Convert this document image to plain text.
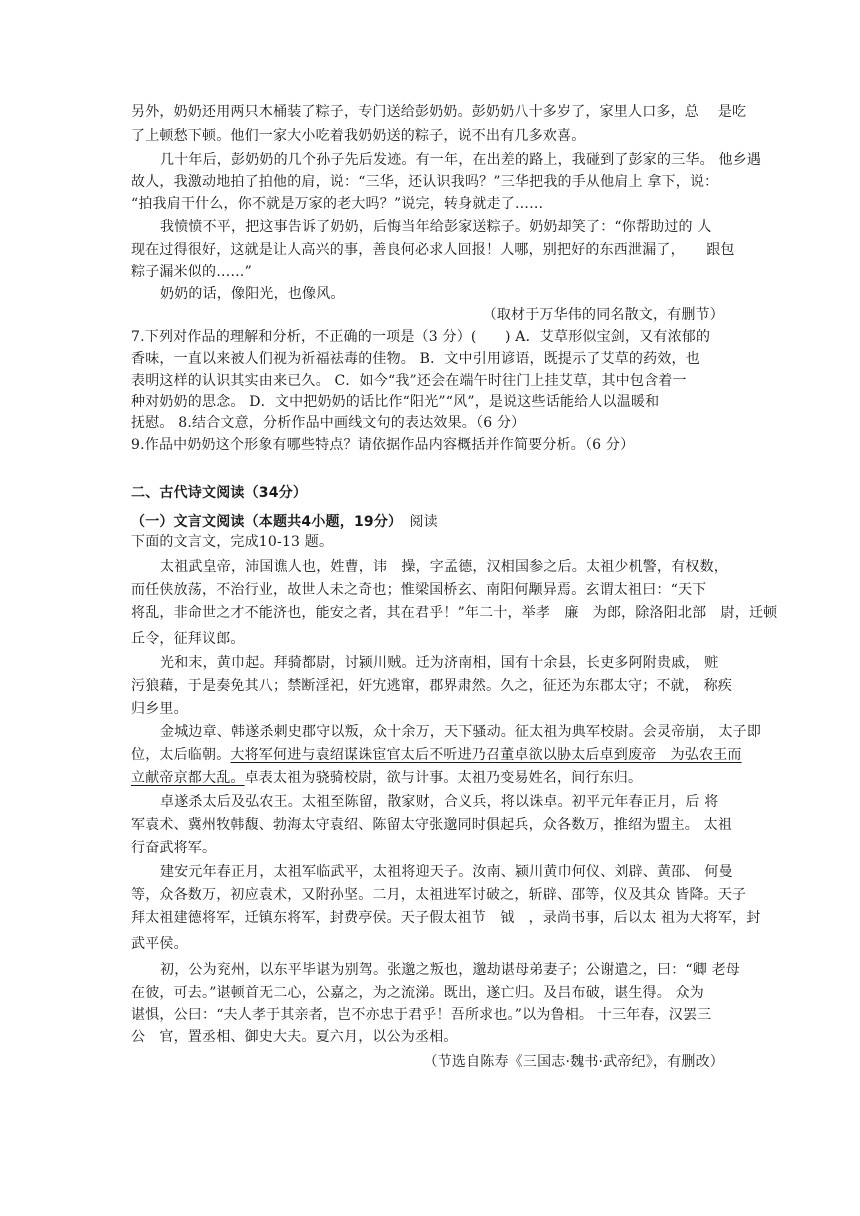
另外，奶奶还用两只木桶装了粽子，专门送给彭奶奶。彭奶奶八十多岁了，家里人口多，总　 是吃
了上顿愁下顿。他们一家大小吃着我奶奶送的粽子，说不出有几多欢喜。
几十年后，彭奶奶的几个孙子先后发迹。有一年，在出差的路上，我碰到了彭家的三华。 他乡遇
故人，我激动地拍了拍他的肩，说：“三华，还认识我吗？”三华把我的手从他肩上 拿下，说：
“拍我肩干什么，你不就是万家的老大吗？”说完，转身就走了……
我愤愤不平，把这事告诉了奶奶，后悔当年给彭家送粽子。奶奶却笑了：“你帮助过的 人
现在过得很好，这就是让人高兴的事，善良何必求人回报！人哪，别把好的东西泄漏了，　　跟包
粽子漏米似的……”
奶奶的话，像阳光，也像风。
（取材于万华伟的同名散文，有删节）
7.下列对作品的理解和分析，不正确的一项是（3 分）(　　) A．艾草形似宝剑，又有浓郁的
香味，一直以来被人们视为祈福祛毒的佳物。 B．文中引用谚语，既提示了艾草的药效，也
表明这样的认识其实由来已久。 C．如今“我”还会在端午时往门上挂艾草，其中包含着一
种对奶奶的思念。 D．文中把奶奶的话比作“阳光”“风”，是说这些话能给人以温暖和
抚慰。 8.结合文意，分析作品中画线文句的表达效果。（6 分）
9.作品中奶奶这个形象有哪些特点？请依据作品内容概括并作简要分析。（6 分）
二、古代诗文阅读（34分）
（一）文言文阅读（本题共4小题，19分）　 阅读
下面的文言文，完成10-13 题。
太祖武皇帝，沛国谯人也，姓曹，讳　操，字孟德，汉相国参之后。太祖少机警，有权数，
而任侠放荡，不治行业，故世人未之奇也；惟梁国桥玄、南阳何颙异焉。玄谓太祖曰：“天下
将乱，非命世之才不能济也，能安之者，其在君乎！”年二十，举孝　廉　为郎，除洛阳北部　尉，迁顿
丘令，征拜议郎。
光和末，黄巾起。拜骑都尉，讨颍川贼。迁为济南相，国有十余县，长吏多阿附贵戚， 赃
污狼藉，于是奏免其八；禁断淫祀，奸宄逃窜，郡界肃然。久之，征还为东郡太守；不就， 称疾
归乡里。
金城边章、韩遂杀刺史郡守以叛，众十余万，天下骚动。征太祖为典军校尉。会灵帝崩， 太子即
位，太后临朝。大将军何进与袁绍谋诛宦官太后不听进乃召董卓欲以胁太后卓到废帝　为弘农王而
立献帝京都大乱。卓表太祖为骁骑校尉，欲与计事。太祖乃变易姓名，间行东归。
卓遂杀太后及弘农王。太祖至陈留，散家财，合义兵，将以诛卓。初平元年春正月，后 将
军袁术、冀州牧韩馥、勃海太守袁绍、陈留太守张邈同时俱起兵，众各数万，推绍为盟主。 太祖
行奋武将军。
建安元年春正月，太祖军临武平，太祖将迎天子。汝南、颍川黄巾何仪、刘辟、黄邵、 何曼
等，众各数万，初应袁术，又附孙坚。二月，太祖进军讨破之，斩辟、邵等，仪及其众 皆降。天子
拜太祖建德将军，迁镇东将军，封费亭侯。天子假太祖节　钺　，录尚书事，后以太 祖为大将军，封
武平侯。
初，公为兖州，以东平毕谌为别驾。张邈之叛也，邈劫谌母弟妻子；公谢遣之，曰：“卿 老母
在彼，可去。”谌顿首无二心，公嘉之，为之流涕。既出，遂亡归。及吕布破，谌生得。 众为
谌惧，公曰：“夫人孝于其亲者，岂不亦忠于君乎！吾所求也。”以为鲁相。 十三年春，汉罢三
公　官，置丞相、御史大夫。夏六月，以公为丞相。
（节选自陈寿《三国志·魏书·武帝纪》，有删改）
